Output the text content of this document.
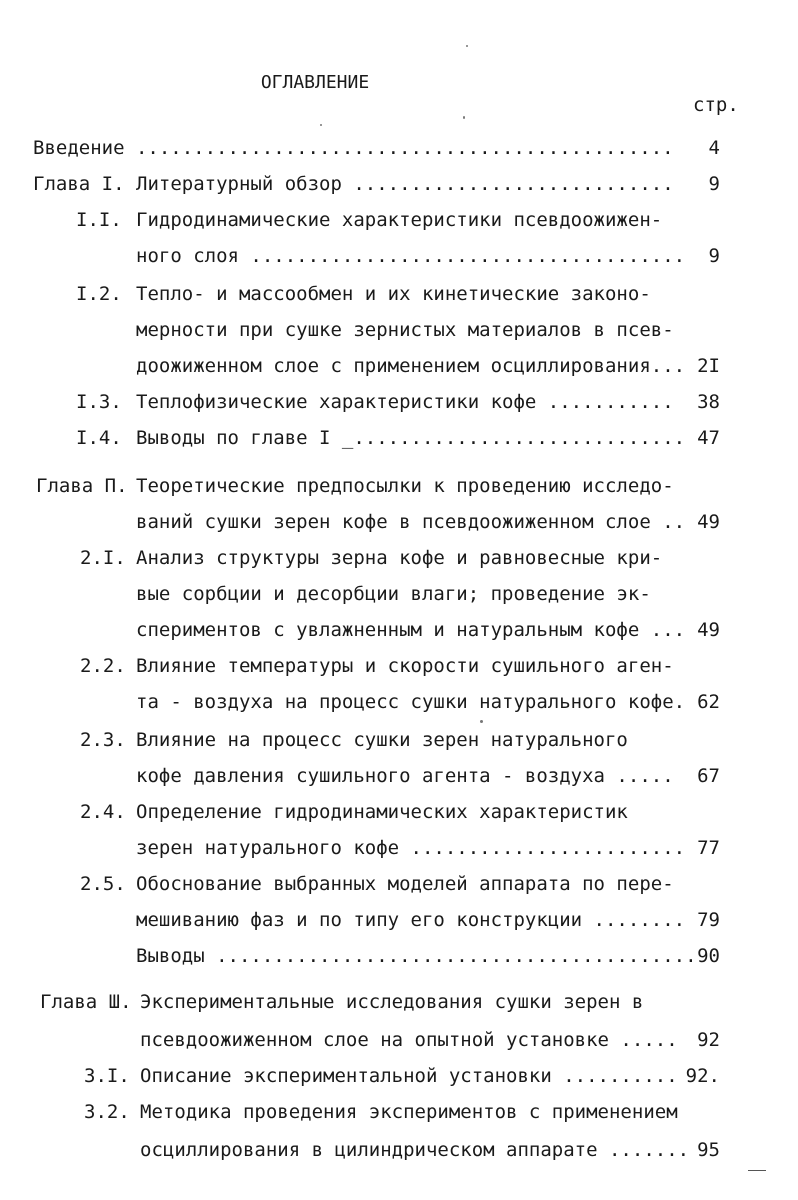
ОГЛАВЛЕНИЕ
стр.
Введение ...............................................	4
Глава I. Литературный обзор ............................	9
I.I. Гидродинамические характеристики псевдоожижен-
ного слоя ......................................	9
I.2. Тепло- и массообмен и их кинетические законо-
мерности при сушке зернистых материалов в псев-
доожиженном слое с применением осциллирования... 2I
I.3. Теплофизические характеристики кофе ...........	38
I.4. Выводы по главе I _............................. 47
Глава П. Теоретические предпосылки к проведению исследо-
ваний сушки зерен кофе в псевдоожиженном слое .. 49
2.I. Анализ структуры зерна кофе и равновесные кри-
вые сорбции и десорбции влаги; проведение эк-
спериментов с увлажненным и натуральным кофе ... 49
2.2. Влияние температуры и скорости сушильного аген-
та - воздуха на процесс сушки натурального кофе. 62
2.3. Влияние на процесс сушки зерен натурального
кофе давления сушильного агента - воздуха .....	67
2.4. Определение гидродинамических характеристик
зерен натурального кофе ........................ 77
2.5. Обоснование выбранных моделей аппарата по пере-
мешиванию фаз и по типу его конструкции ........ 79
Выводы .......................................... 90
Глава Ш. Экспериментальные исследования сушки зерен в
псевдоожиженном слое на опытной установке .....	92
3.I. Описание экспериментальной установки .......... 92.
3.2. Методика проведения экспериментов с применением
осциллирования в цилиндрическом аппарате ....... 95
